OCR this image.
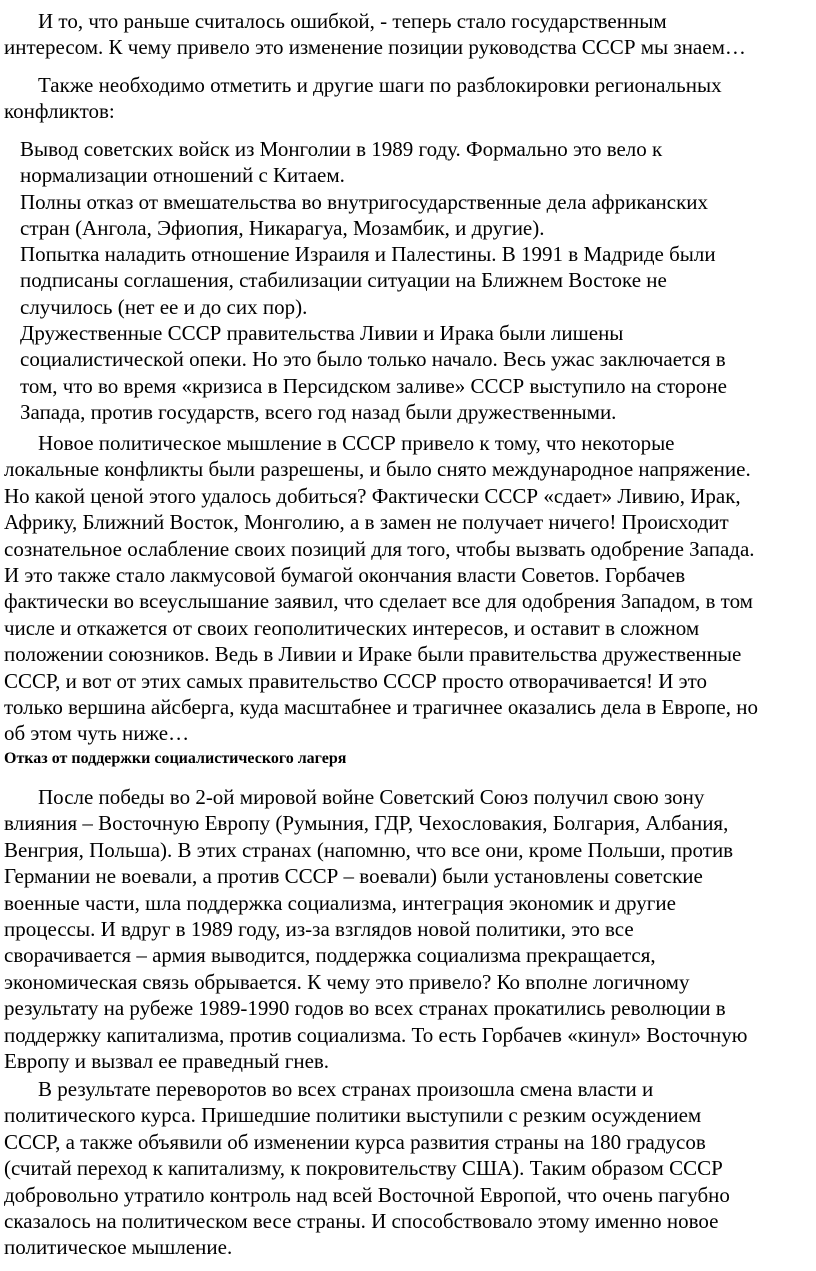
И то, что раньше считалось ошибкой, - теперь стало государственным
интересом. К чему привело это изменение позиции руководства СССР мы знаем…

Также необходимо отметить и другие шаги по разблокировки региональных
конфликтов:

Вывод советских войск из Монголии в 1989 году. Формально это вело к
нормализации отношений с Китаем.

Полны отказ от вмешательства во внутригосударственные дела африканских
стран (Ангола, Эфиопия, Никарагуа, Мозамбик, и другие).

Попытка наладить отношение Израиля и Палестины. В 1991 в Мадриде были
подписаны соглашения, стабилизации ситуации на Ближнем Востоке не
случилось (нет ее и до сих пор).

Дружественные СССР правительства Ливии и Ирака были лишены
социалистической опеки. Но это было только начало. Весь ужас заключается в
том, что во время «кризиса в Персидском заливе» СССР выступило на стороне
Запада, против государств, всего год назад были дружественными.

Новое политическое мышление в СССР привело к тому, что некоторые
локальные конфликты были разрешены, и было снято международное напряжение.
Но какой ценой этого удалось добиться? Фактически СССР «сдает» Ливию, Ирак,
Африку, Ближний Восток, Монголию, а в замен не получает ничего! Происходит
сознательное ослабление своих позиций для того, чтобы вызвать одобрение Запада.
И это также стало лакмусовой бумагой окончания власти Советов. Горбачев
фактически во всеуслышание заявил, что сделает все для одобрения Западом, в том
числе и откажется от своих геополитических интересов, и оставит в сложном
положении союзников. Ведь в Ливии и Ираке были правительства дружественные
СССР, и вот от этих самых правительство СССР просто отворачивается! И это
только вершина айсберга, куда масштабнее и трагичнее оказались дела в Европе, но
об этом чуть ниже…

Отказ от поддержки социалистического лагеря

После победы во 2-ой мировой войне Советский Союз получил свою зону
влияния – Восточную Европу (Румыния, ГДР, Чехословакия, Болгария, Албания,
Венгрия, Польша). В этих странах (напомню, что все они, кроме Польши, против
Германии не воевали, а против СССР – воевали) были установлены советские
военные части, шла поддержка социализма, интеграция экономик и другие
процессы. И вдруг в 1989 году, из-за взглядов новой политики, это все
сворачивается – армия выводится, поддержка социализма прекращается,
экономическая связь обрывается. К чему это привело? Ко вполне логичному
результату на рубеже 1989-1990 годов во всех странах прокатились революции в
поддержку капитализма, против социализма. То есть Горбачев «кинул» Восточную
Европу и вызвал ее праведный гнев.

В результате переворотов во всех странах произошла смена власти и
политического курса. Пришедшие политики выступили с резким осуждением
СССР, а также объявили об изменении курса развития страны на 180 градусов
(считай переход к капитализму, к покровительству США). Таким образом СССР
добровольно утратило контроль над всей Восточной Европой, что очень пагубно
сказалось на политическом весе страны. И способствовало этому именно новое
политическое мышление.
